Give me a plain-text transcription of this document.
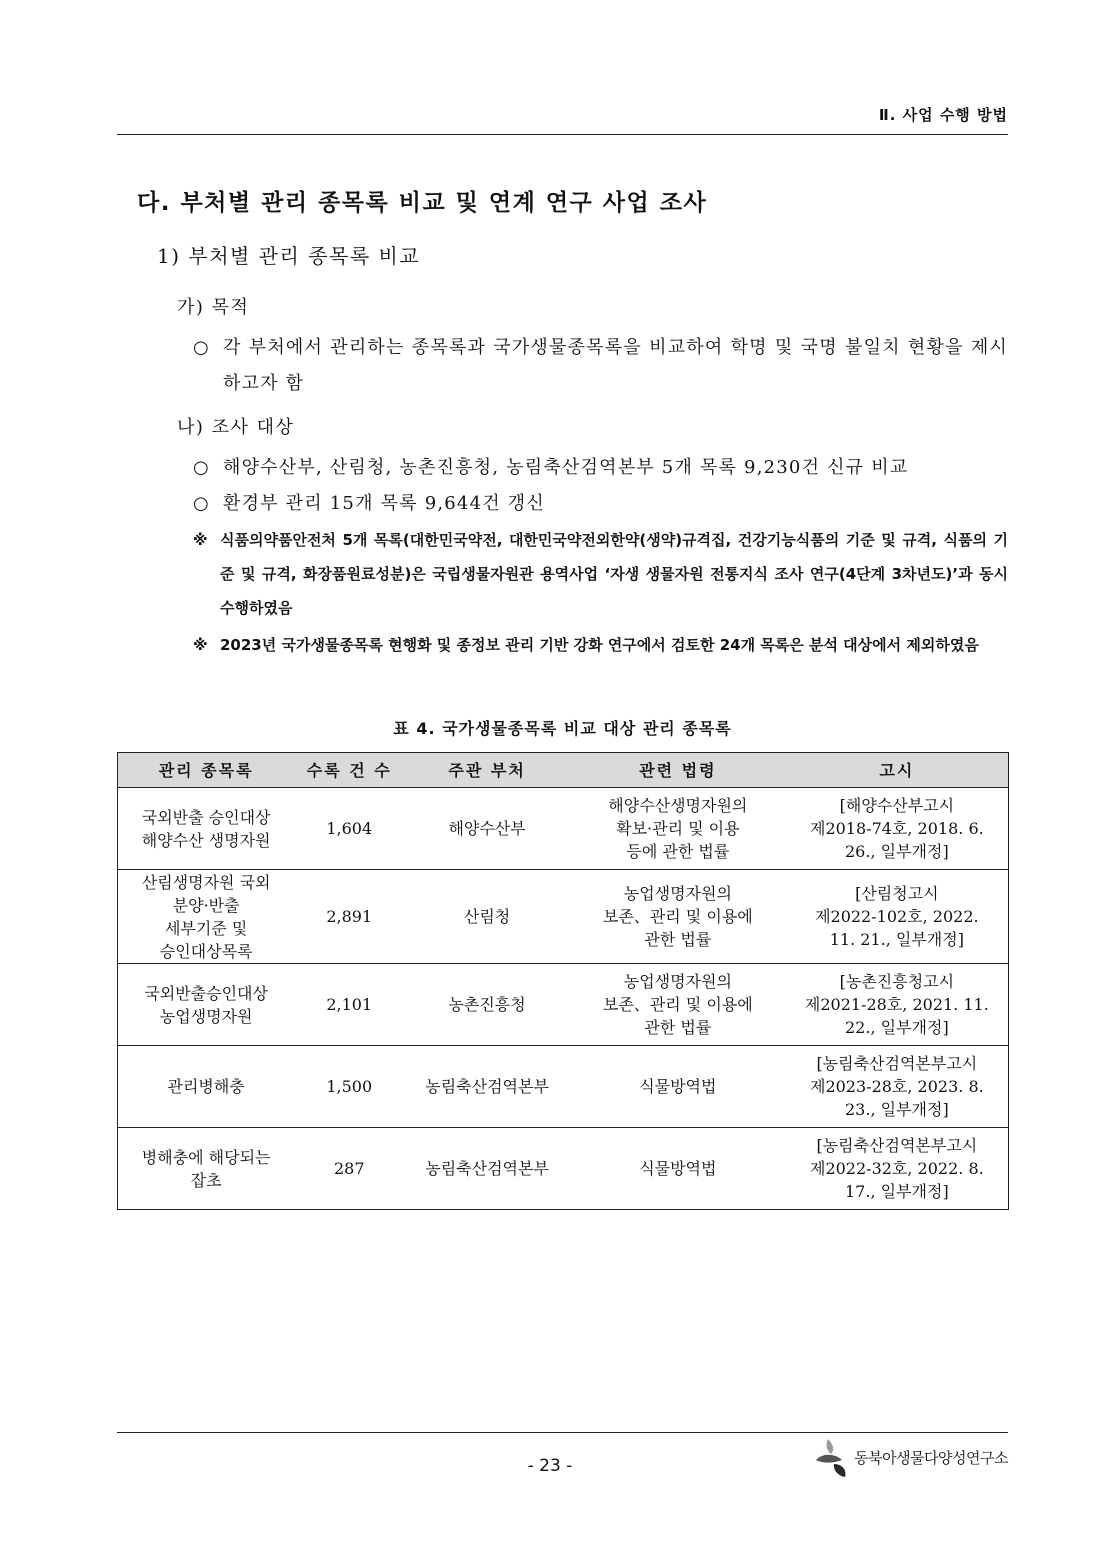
Ⅱ. 사업 수행 방법
다. 부처별 관리 종목록 비교 및 연계 연구 사업 조사
1) 부처별 관리 종목록 비교
가) 목적
○ 각 부처에서 관리하는 종목록과 국가생물종목록을 비교하여 학명 및 국명 불일치 현황을 제시하고자 함
나) 조사 대상
○ 해양수산부, 산림청, 농촌진흥청, 농림축산검역본부 5개 목록 9,230건 신규 비교
○ 환경부 관리 15개 목록 9,644건 갱신
※ 식품의약품안전처 5개 목록(대한민국약전, 대한민국약전외한약(생약)규격집, 건강기능식품의 기준 및 규격, 식품의 기준 및 규격, 화장품원료성분)은 국립생물자원관 용역사업 ‘자생 생물자원 전통지식 조사 연구(4단계 3차년도)’과 동시 수행하였음
※ 2023년 국가생물종목록 현행화 및 종정보 관리 기반 강화 연구에서 검토한 24개 목록은 분석 대상에서 제외하였음
표 4. 국가생물종목록 비교 대상 관리 종목록
관리 종목록	수록 건 수	주관 부처	관련 법령	고시

국외반출 승인대상
해양수산 생명자원	1,604	해양수산부	해양수산생명자원의
확보·관리 및 이용
등에 관한 법률	[해양수산부고시
제2018-74호, 2018. 6.
26., 일부개정]

산림생명자원 국외
분양·반출
세부기준 및
승인대상목록	2,891	산림청	농업생명자원의
보존、관리 및 이용에
관한 법률	[산림청고시
제2022-102호, 2022.
11. 21., 일부개정]

국외반출승인대상
농업생명자원	2,101	농촌진흥청	농업생명자원의
보존、관리 및 이용에
관한 법률	[농촌진흥청고시
제2021-28호, 2021. 11.
22., 일부개정]

관리병해충	1,500	농림축산검역본부	식물방역법	[농림축산검역본부고시
제2023-28호, 2023. 8.
23., 일부개정]

병해충에 해당되는
잡초	287	농림축산검역본부	식물방역법	[농림축산검역본부고시
제2022-32호, 2022. 8.
17., 일부개정]
- 23 -	동북아생물다양성연구소
